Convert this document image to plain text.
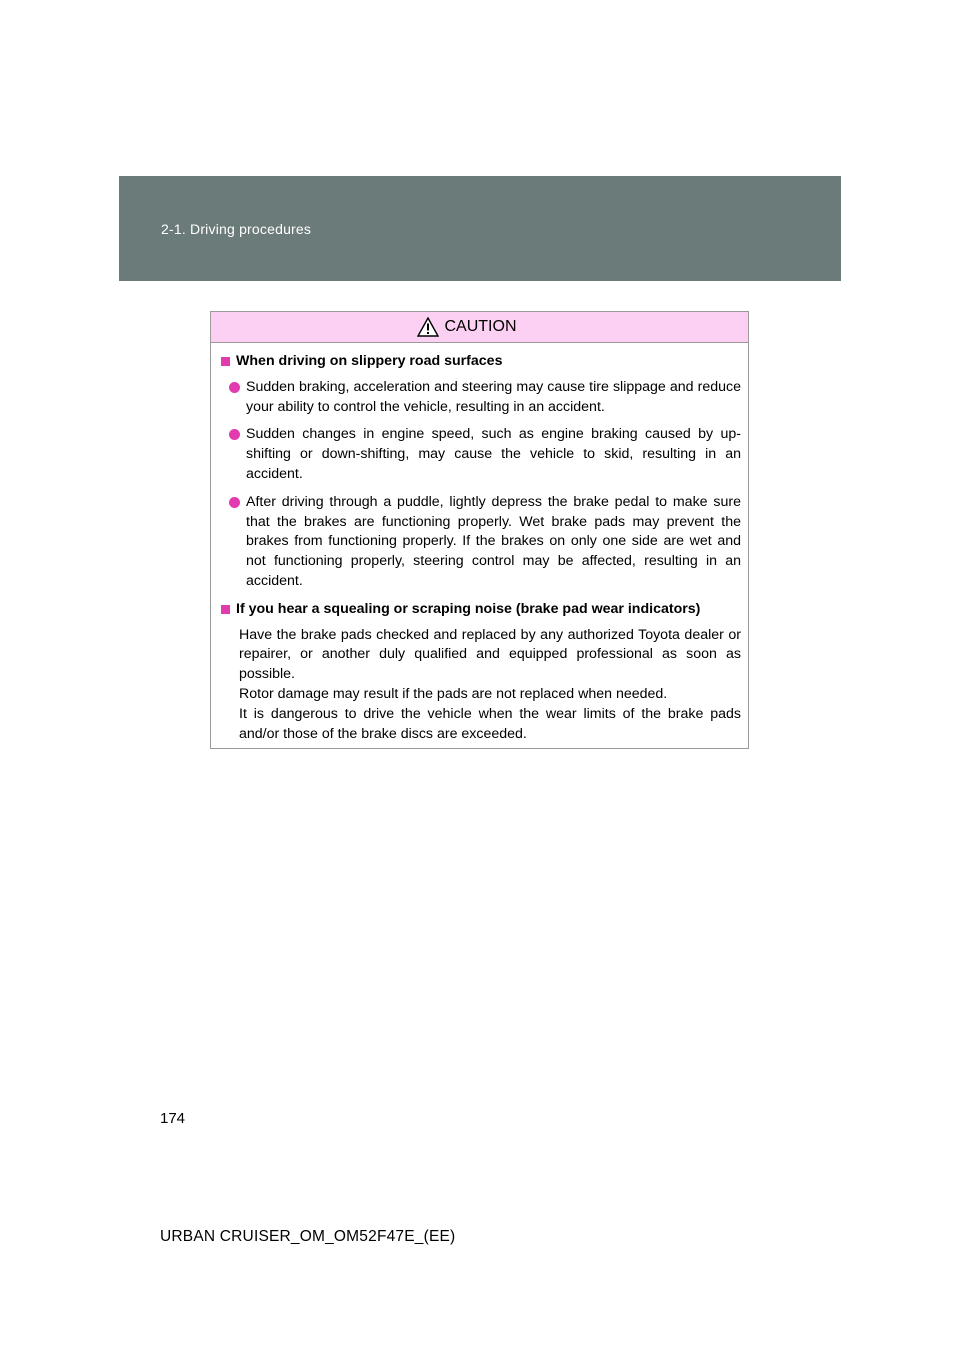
2-1. Driving procedures
CAUTION
When driving on slippery road surfaces
Sudden braking, acceleration and steering may cause tire slippage and reduce your ability to control the vehicle, resulting in an accident.
Sudden changes in engine speed, such as engine braking caused by up-shifting or down-shifting, may cause the vehicle to skid, resulting in an accident.
After driving through a puddle, lightly depress the brake pedal to make sure that the brakes are functioning properly. Wet brake pads may prevent the brakes from functioning properly. If the brakes on only one side are wet and not functioning properly, steering control may be affected, resulting in an accident.
If you hear a squealing or scraping noise (brake pad wear indicators)
Have the brake pads checked and replaced by any authorized Toyota dealer or repairer, or another duly qualified and equipped professional as soon as possible.
Rotor damage may result if the pads are not replaced when needed.
It is dangerous to drive the vehicle when the wear limits of the brake pads and/or those of the brake discs are exceeded.
174
URBAN CRUISER_OM_OM52F47E_(EE)
